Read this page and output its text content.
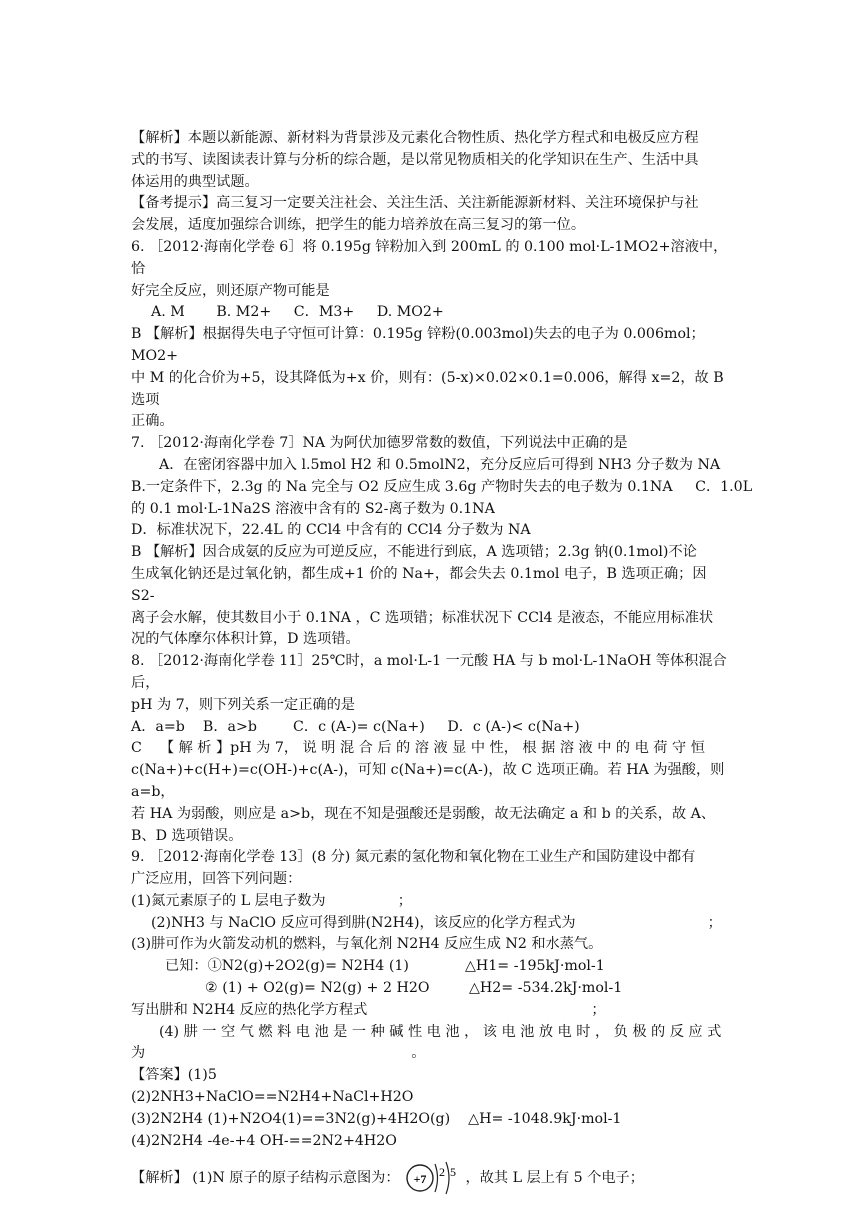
【解析】本题以新能源、新材料为背景涉及元素化合物性质、热化学方程式和电极反应方程

式的书写、读图读表计算与分析的综合题，是以常见物质相关的化学知识在生产、生活中具

体运用的典型试题。

【备考提示】高三复习一定要关注社会、关注生活、关注新能源新材料、关注环境保护与社

会发展，适度加强综合训练，把学生的能力培养放在高三复习的第一位。

6. ［2012·海南化学卷 6］将 0.195g 锌粉加入到 200mL 的 0.100 mol·L-1MO2+溶液中，恰

好完全反应，则还原产物可能是

A. M       B. M2+     C．M3+     D. MO2+

B 【解析】根据得失电子守恒可计算：0.195g 锌粉(0.003mol)失去的电子为 0.006mol；MO2+

中 M 的化合价为+5，设其降低为+x 价，则有：(5-x)×0.02×0.1=0.006，解得 x=2，故 B 选项

正确。

7. ［2012·海南化学卷 7］NA 为阿伏加德罗常数的数值，下列说法中正确的是

A．在密闭容器中加入 l.5mol H2 和 0.5molN2，充分反应后可得到 NH3 分子数为 NA

B.一定条件下，2.3g 的 Na 完全与 O2 反应生成 3.6g 产物时失去的电子数为 0.1NA     C．1.0L

的 0.1 mol·L-1Na2S 溶液中含有的 S2-离子数为 0.1NA

D．标准状况下，22.4L 的 CCl4 中含有的 CCl4 分子数为 NA

B 【解析】因合成氨的反应为可逆反应，不能进行到底，A 选项错；2.3g 钠(0.1mol)不论

生成氧化钠还是过氧化钠，都生成+1 价的 Na+，都会失去 0.1mol 电子，B 选项正确；因 S2-

离子会水解，使其数目小于 0.1NA ，C 选项错；标准状况下 CCl4 是液态，不能应用标准状

况的气体摩尔体积计算，D 选项错。

8. ［2012·海南化学卷 11］25℃时，a mol·L-1 一元酸 HA 与 b mol·L-1NaOH 等体积混合后，

pH 为 7，则下列关系一定正确的是

A．a=b    B．a>b        C．c (A-)= c(Na+)     D．c (A-)< c(Na+)

C    【 解 析 】pH 为 7， 说 明 混 合 后 的 溶 液 显 中 性， 根 据 溶 液 中 的 电 荷 守 恒

c(Na+)+c(H+)=c(OH-)+c(A-)，可知 c(Na+)=c(A-)，故 C 选项正确。若 HA 为强酸，则 a=b，

若 HA 为弱酸，则应是 a>b，现在不知是强酸还是弱酸，故无法确定 a 和 b 的关系，故 A、

B、D 选项错误。

9. ［2012·海南化学卷 13］(8 分) 氮元素的氢化物和氧化物在工业生产和国防建设中都有

广泛应用，回答下列问题：

(1)氮元素原子的 L 层电子数为                ；

(2)NH3 与 NaClO 反应可得到肼(N2H4)，该反应的化学方程式为	；

(3)肼可作为火箭发动机的燃料，与氧化剂 N2H4 反应生成 N2 和水蒸气。

已知：①N2(g)+2O2(g)= N2H4 (1)	△H1= -195kJ·mol-1
② (1) + O2(g)= N2(g) + 2 H2O	△H2= -534.2kJ·mol-1
写出肼和 N2H4 反应的热化学方程式	；

(4) 肼 一 空 气 燃 料 电 池 是 一 种 碱 性 电 池 ， 该 电 池 放 电 时 ， 负 极 的 反 应 式

为	。

【答案】(1)5

(2)2NH3+NaClO==N2H4+NaCl+H2O

(3)2N2H4 (1)+N2O4(1)==3N2(g)+4H2O(g)    △H= -1048.9kJ·mol-1

(4)2N2H4 -4e-+4 OH-==2N2+4H2O

【解析】 (1)N 原子的原子结构示意图为： +7 2 5 ，故其 L 层上有 5 个电子；
